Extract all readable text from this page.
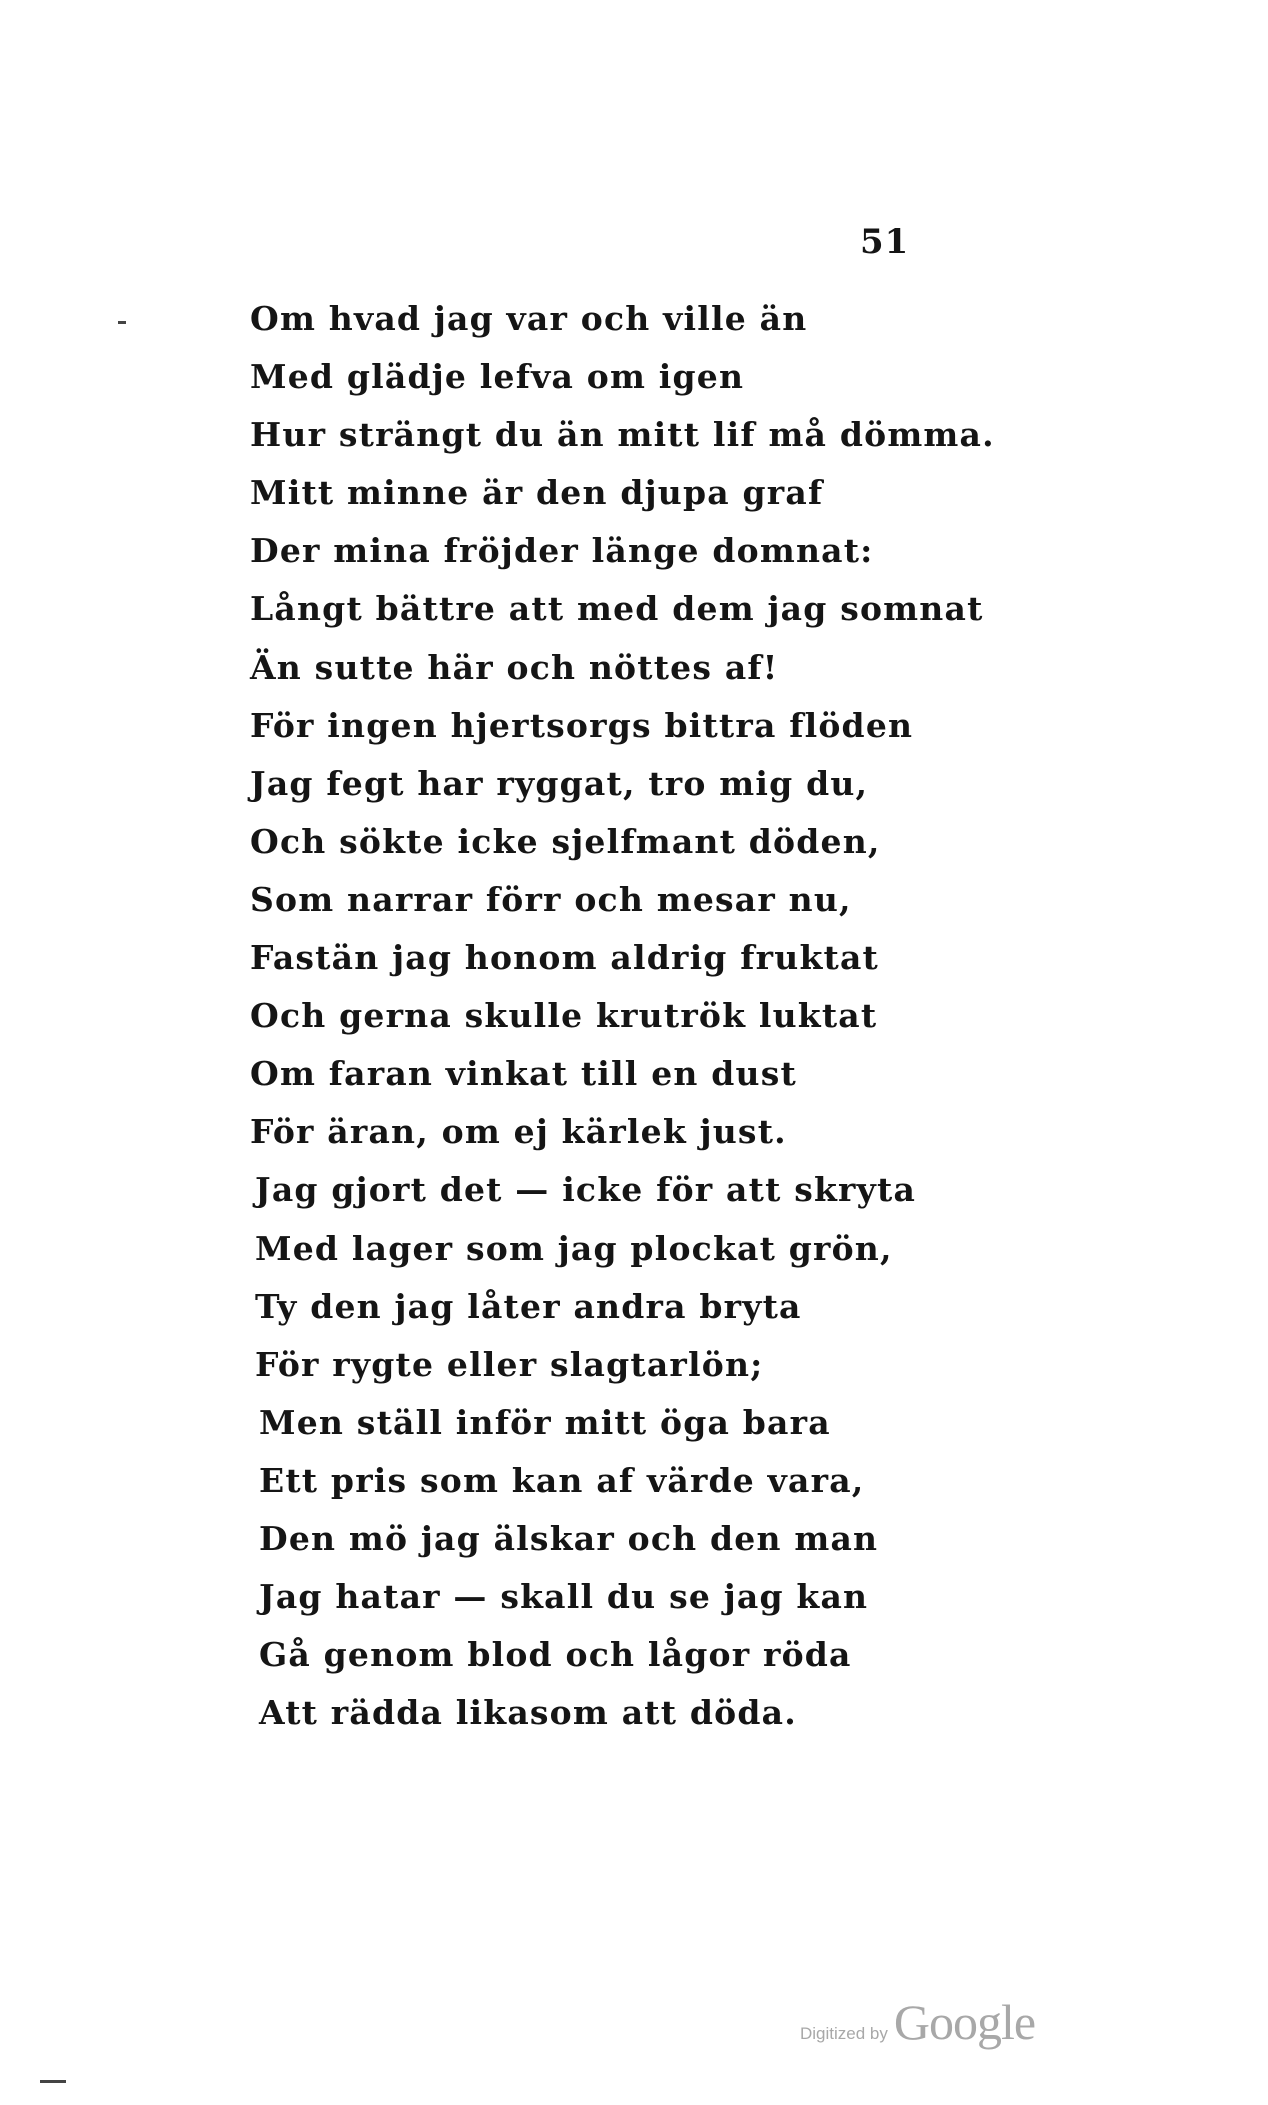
51
Om hvad jag var och ville än
Med glädje lefva om igen
Hur strängt du än mitt lif må dömma.
Mitt minne är den djupa graf
Der mina fröjder länge domnat:
Långt bättre att med dem jag somnat
Än sutte här och nöttes af!
För ingen hjertsorgs bittra flöden
Jag fegt har ryggat, tro mig du,
Och sökte icke sjelfmant döden,
Som narrar förr och mesar nu,
Fastän jag honom aldrig fruktat
Och gerna skulle krutrök luktat
Om faran vinkat till en dust
För äran, om ej kärlek just.
Jag gjort det — icke för att skryta
Med lager som jag plockat grön,
Ty den jag låter andra bryta
För rygte eller slagtarlön;
Men ställ inför mitt öga bara
Ett pris som kan af värde vara,
Den mö jag älskar och den man
Jag hatar — skall du se jag kan
Gå genom blod och lågor röda
Att rädda likasom att döda.
Digitized by Google
